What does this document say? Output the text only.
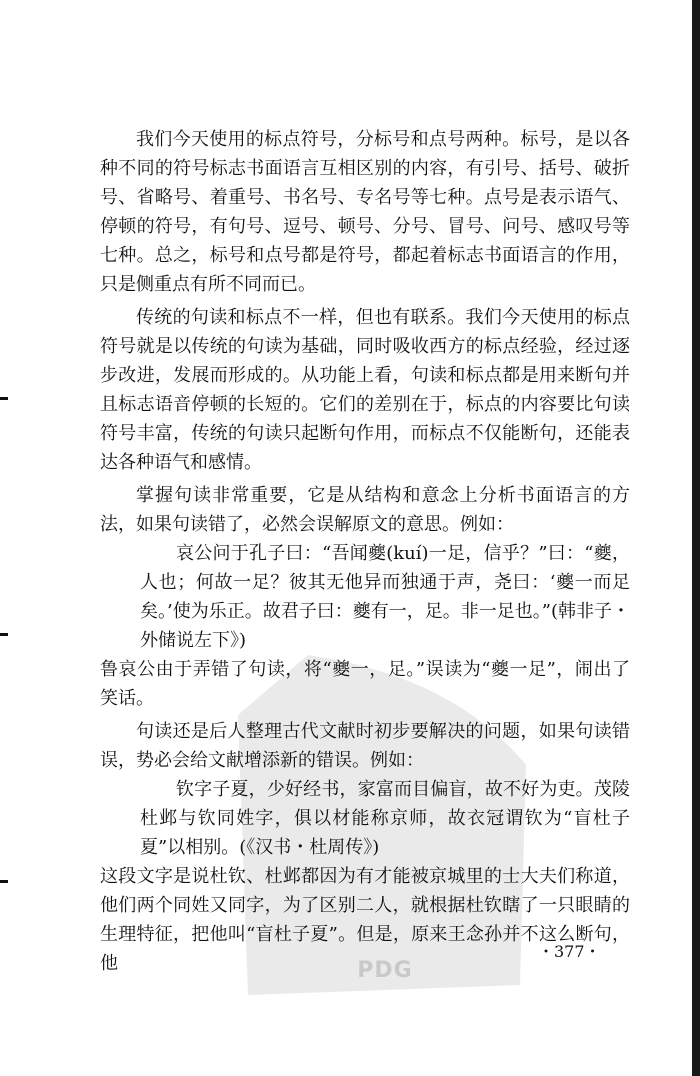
PDG

我们今天使用的标点符号，分标号和点号两种。标号，是以各种不同的符号标志书面语言互相区别的内容，有引号、括号、破折号、省略号、着重号、书名号、专名号等七种。点号是表示语气、停顿的符号，有句号、逗号、顿号、分号、冒号、问号、感叹号等七种。总之，标号和点号都是符号，都起着标志书面语言的作用，只是侧重点有所不同而已。

传统的句读和标点不一样，但也有联系。我们今天使用的标点符号就是以传统的句读为基础，同时吸收西方的标点经验，经过逐步改进，发展而形成的。从功能上看，句读和标点都是用来断句并且标志语音停顿的长短的。它们的差别在于，标点的内容要比句读符号丰富，传统的句读只起断句作用，而标点不仅能断句，还能表达各种语气和感情。

掌握句读非常重要，它是从结构和意念上分析书面语言的方法，如果句读错了，必然会误解原文的意思。例如：

哀公问于孔子曰：“吾闻夔(kuí)一足，信乎？”曰：“夔，人也；何故一足？彼其无他异而独通于声，尧曰：‘夔一而足矣。’使为乐正。故君子曰：夔有一，足。非一足也。”(韩非子・外储说左下》)

鲁哀公由于弄错了句读，将“夔一，足。”误读为“夔一足”，闹出了笑话。

句读还是后人整理古代文献时初步要解决的问题，如果句读错误，势必会给文献增添新的错误。例如：

钦字子夏，少好经书，家富而目偏盲，故不好为吏。茂陵杜邺与钦同姓字，俱以材能称京师，故衣冠谓钦为“盲杜子夏”以相别。(《汉书・杜周传》)

这段文字是说杜钦、杜邺都因为有才能被京城里的士大夫们称道，他们两个同姓又同字，为了区别二人，就根据杜钦瞎了一只眼睛的生理特征，把他叫“盲杜子夏”。但是，原来王念孙并不这么断句，他

・377・
